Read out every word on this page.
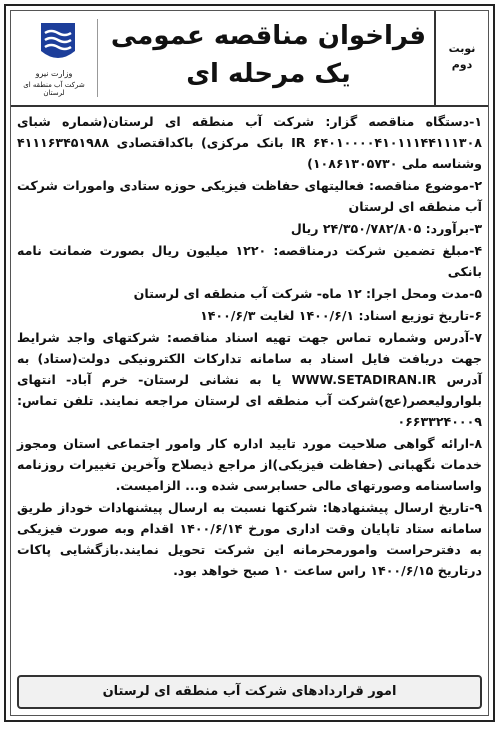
وزارت نیرو
شرکت آب منطقه ای لرستان
فراخوان مناقصه عمومی
یک مرحله ای
نوبت
دوم

۱-دستگاه مناقصه گزار: شرکت آب منطقه ای لرستان(شماره شبای ۶۴۰۱۰۰۰۰۴۱۰۱۱۱۴۴۱۱۱۳۰۸ IR بانک مرکزی) باکداقتصادی ۴۱۱۱۶۳۴۵۱۹۸۸ وشناسه ملی ۱۰۸۶۱۳۰۵۷۳۰)

۲-موضوع مناقصه: فعالیتهای حفاظت فیزیکی حوزه ستادی وامورات شرکت آب منطقه ای لرستان

۳-برآورد: ۲۴/۳۵۰/۷۸۲/۸۰۵ ریال

۴-مبلغ تضمین شرکت درمناقصه: ۱۲۲۰ میلیون ریال بصورت ضمانت نامه بانکی

۵-مدت ومحل اجرا: ۱۲ ماه- شرکت آب منطقه ای لرستان

۶-تاریخ توزیع اسناد: ۱۴۰۰/۶/۱ لغایت ۱۴۰۰/۶/۳

۷-آدرس وشماره تماس جهت تهیه اسناد مناقصه: شرکتهای واجد شرایط جهت دریافت فایل اسناد به سامانه تدارکات الکترونیکی دولت(ستاد) به آدرس WWW.SETADIRAN.IR یا به نشانی لرستان- خرم آباد- انتهای بلوارولیعصر(عج)شرکت آب منطقه ای لرستان مراجعه نمایند. تلفن تماس: ۰۶۶۳۳۲۴۰۰۰۹

۸-ارائه گواهی صلاحیت مورد تایید اداره کار وامور اجتماعی استان ومجوز خدمات نگهبانی (حفاظت فیزیکی)از مراجع ذیصلاح وآخرین تغییرات روزنامه واساسنامه وصورتهای مالی حسابرسی شده و... الزامیست.

۹-تاریخ ارسال پیشنهادها: شرکتها نسبت به ارسال پیشنهادات خوداز طریق سامانه ستاد تاپایان وقت اداری مورخ ۱۴۰۰/۶/۱۴ اقدام وبه صورت فیزیکی به دفترحراست وامورمحرمانه این شرکت تحویل نمایند.بازگشایی پاکات درتاریخ ۱۴۰۰/۶/۱۵ راس ساعت ۱۰ صبح خواهد بود.

امور قراردادهای شرکت آب منطقه ای لرستان
